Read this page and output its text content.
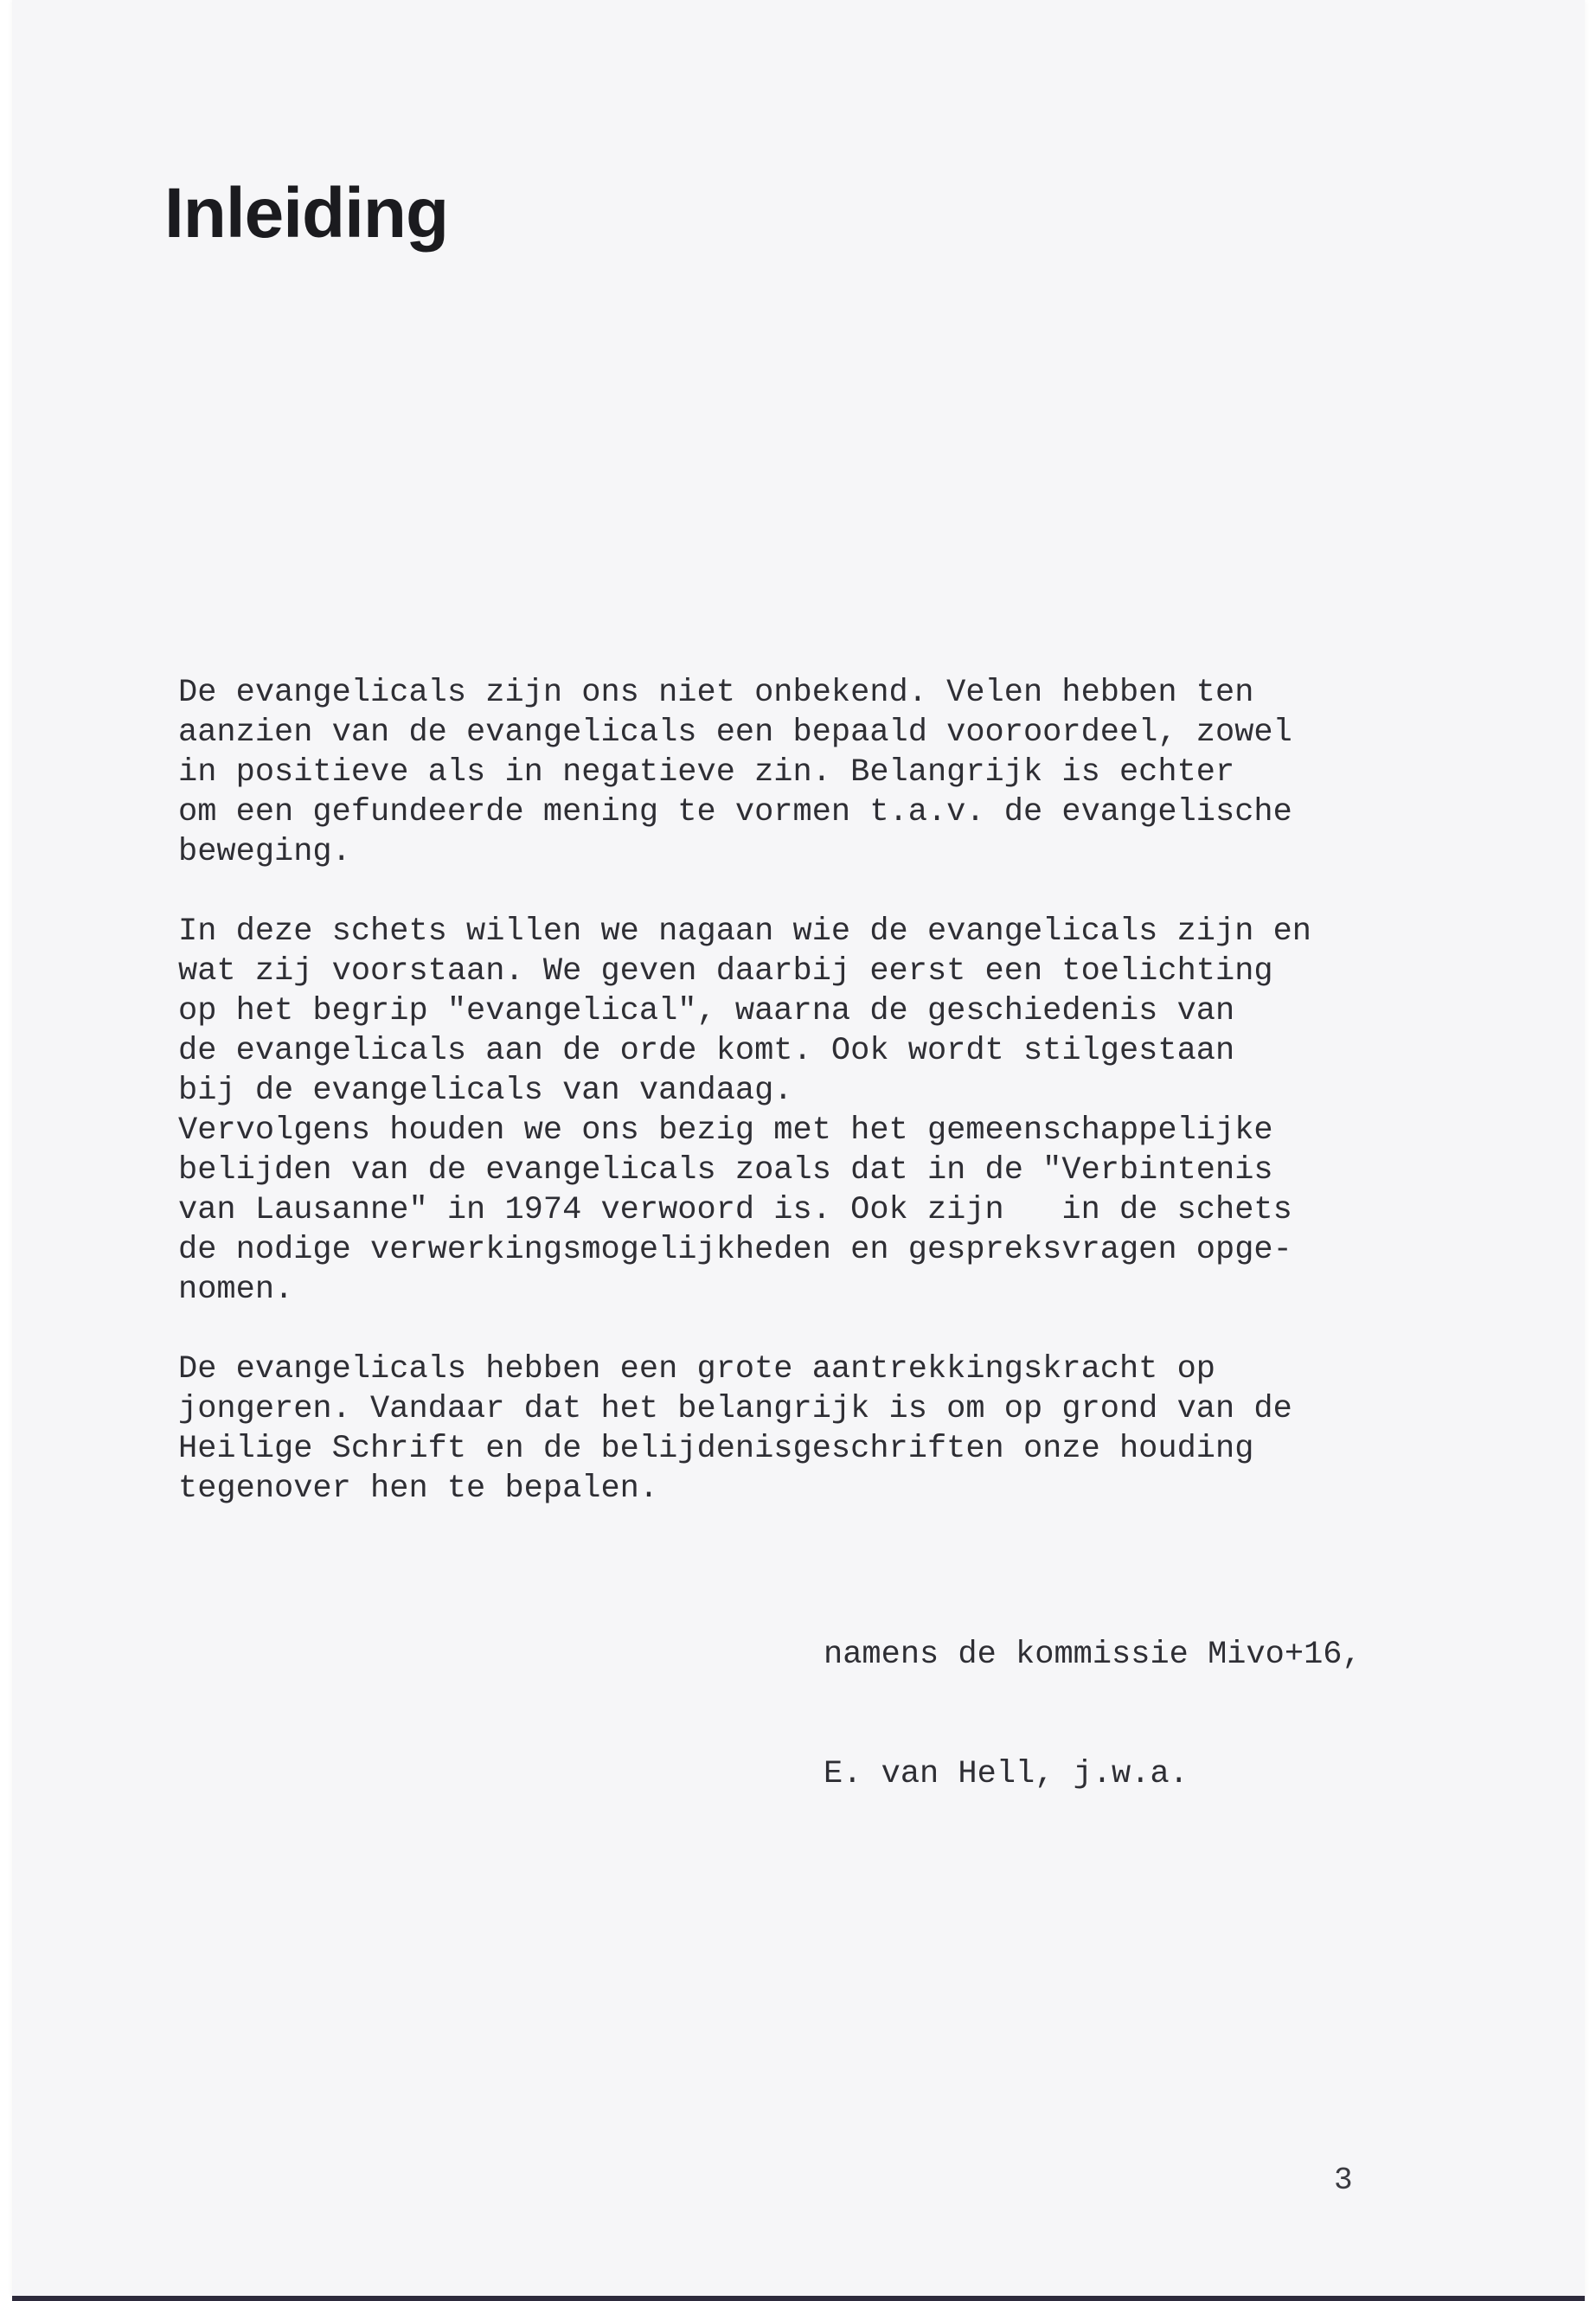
Inleiding

De evangelicals zijn ons niet onbekend. Velen hebben ten
aanzien van de evangelicals een bepaald vooroordeel, zowel
in positieve als in negatieve zin. Belangrijk is echter
om een gefundeerde mening te vormen t.a.v. de evangelische
beweging.

In deze schets willen we nagaan wie de evangelicals zijn en
wat zij voorstaan. We geven daarbij eerst een toelichting
op het begrip "evangelical", waarna de geschiedenis van
de evangelicals aan de orde komt. Ook wordt stilgestaan
bij de evangelicals van vandaag.
Vervolgens houden we ons bezig met het gemeenschappelijke
belijden van de evangelicals zoals dat in de "Verbintenis
van Lausanne" in 1974 verwoord is. Ook zijn   in de schets
de nodige verwerkingsmogelijkheden en gespreksvragen opge-
nomen.

De evangelicals hebben een grote aantrekkingskracht op
jongeren. Vandaar dat het belangrijk is om op grond van de
Heilige Schrift en de belijdenisgeschriften onze houding
tegenover hen te bepalen.

namens de kommissie Mivo+16,
E. van Hell, j.w.a.
3
